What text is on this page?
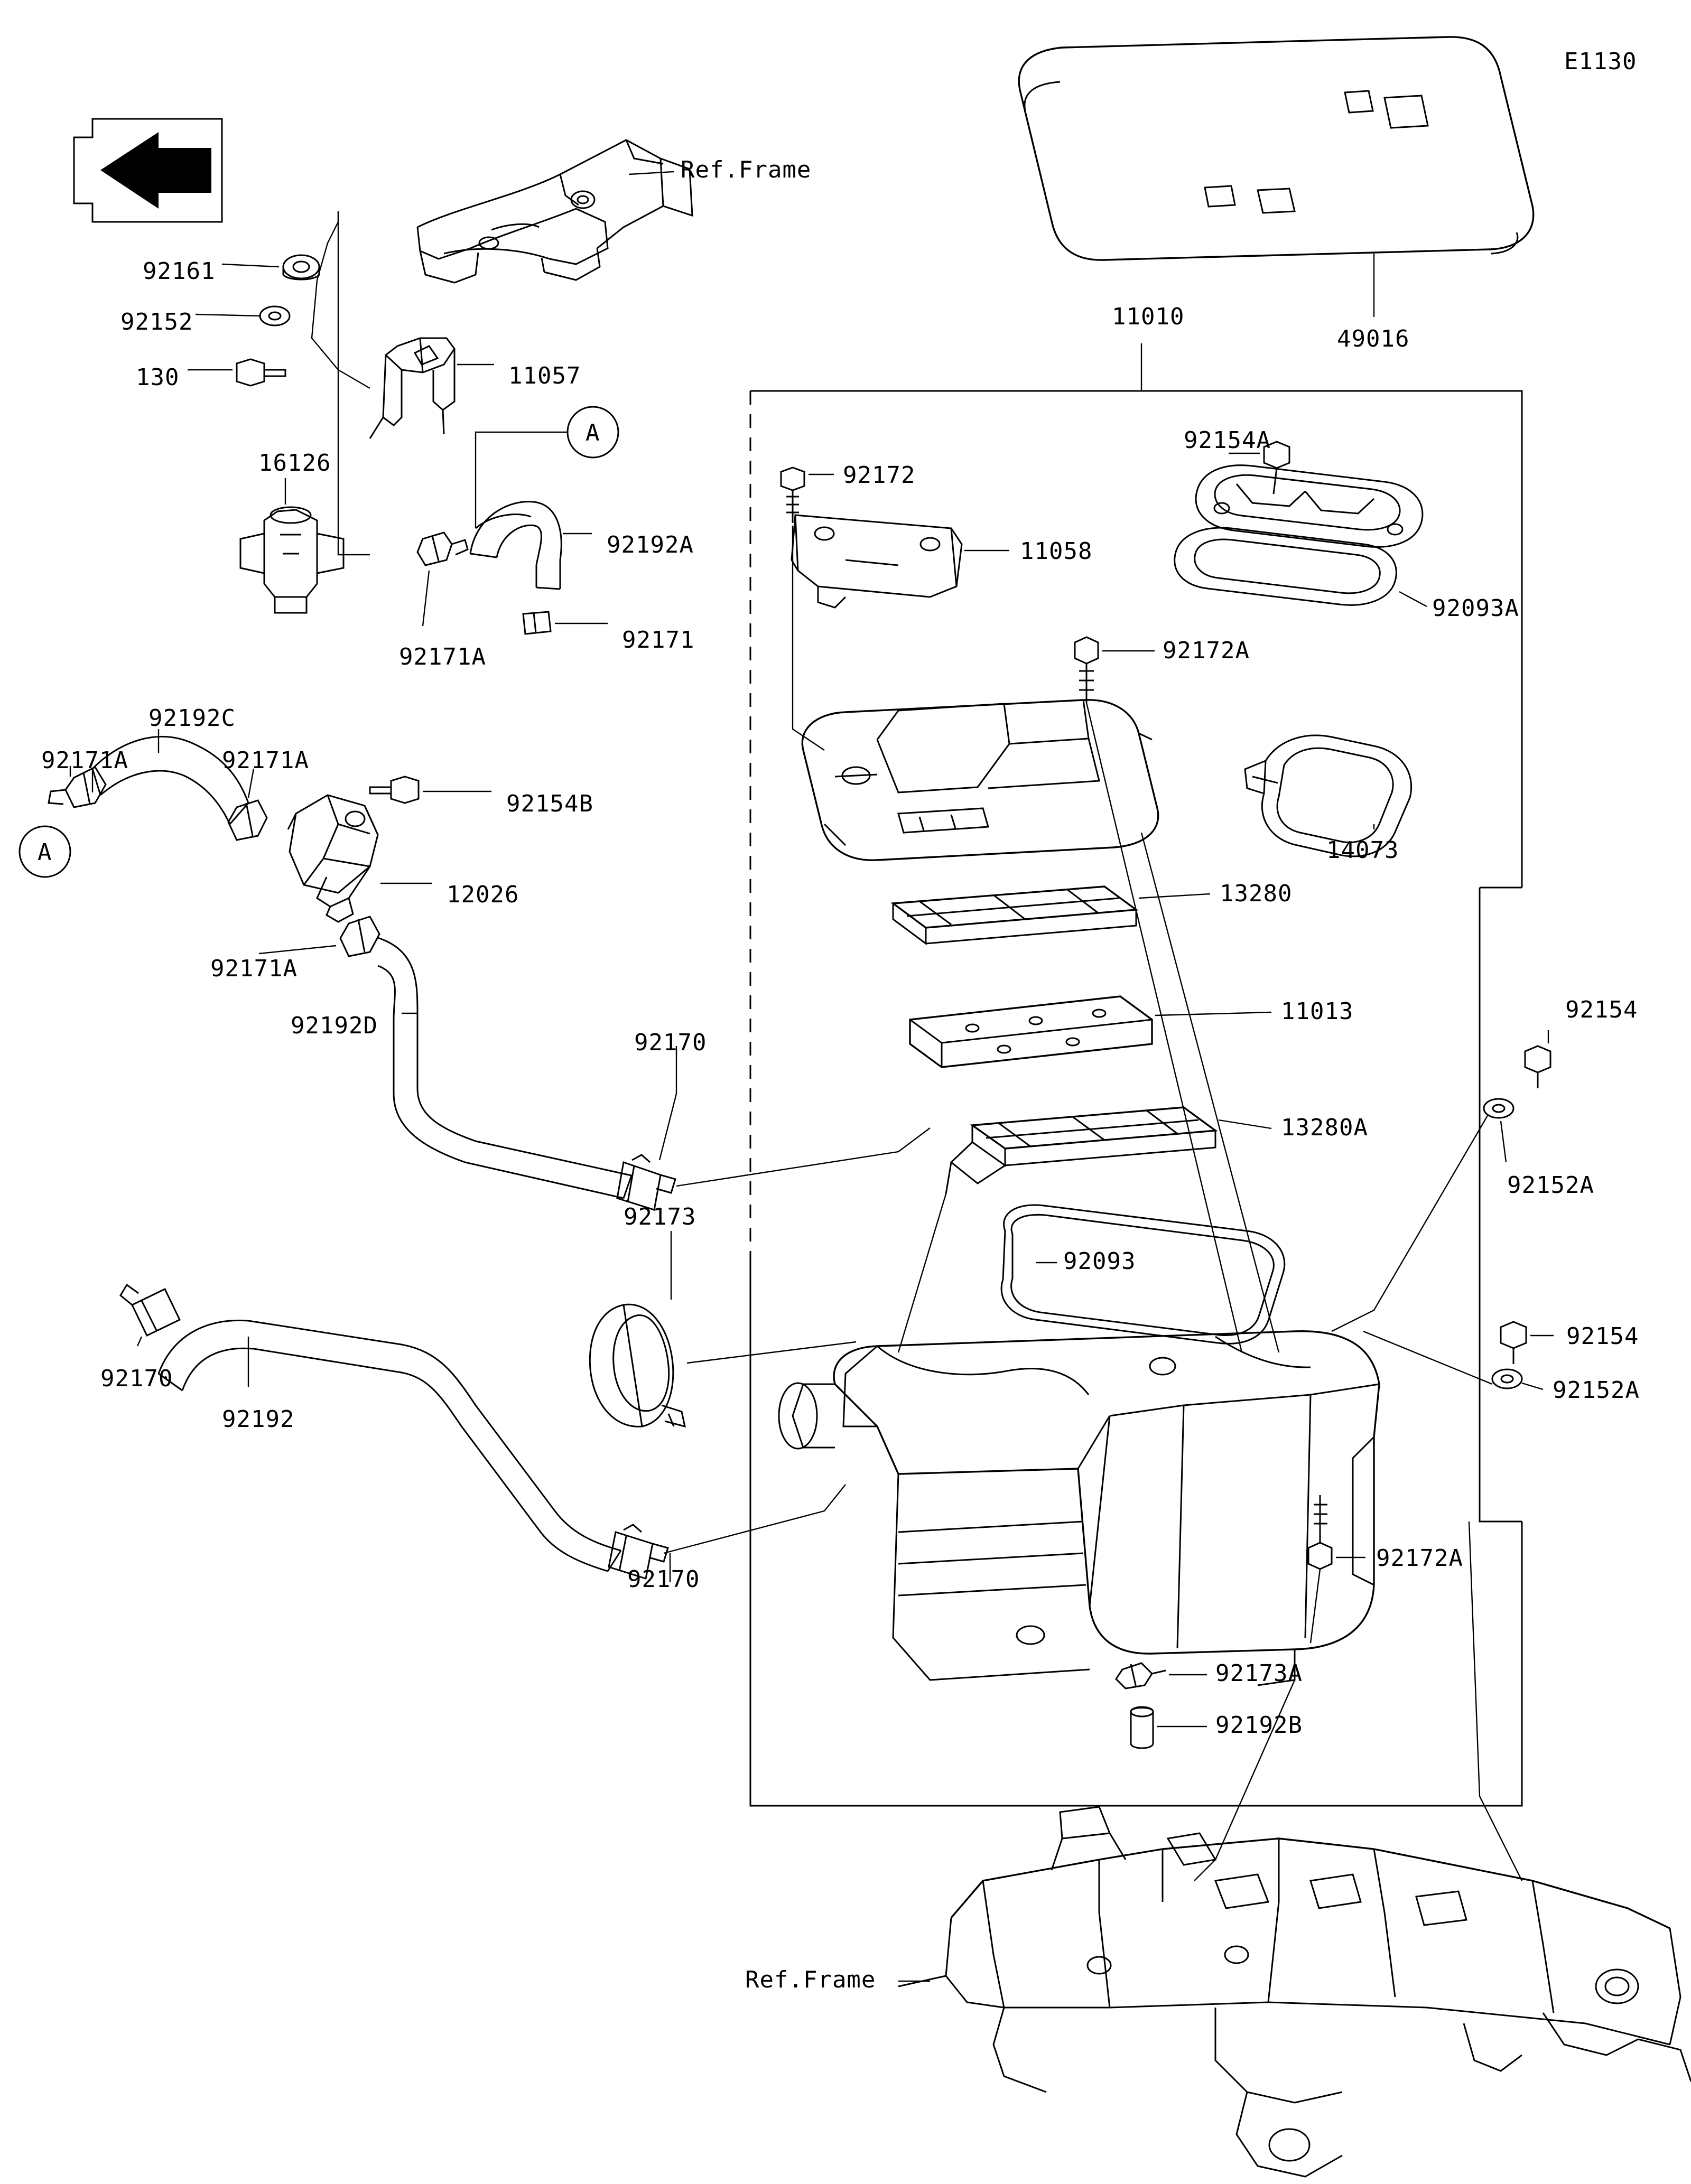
E1130
Ref.Frame
Ref.Frame
A
A
92161
92152
130	11057
16126
92192A
92171
92171A
92192C
92171A	92171A
92154B
12026
92171A
92192D
92170
92173
92170
92192
92170
11010
49016
92154A
92172
11058
92093A
92172A
14073
13280
11013
13280A
92093
92154
92152A
92154
92152A
92172A
92173A
92192B
